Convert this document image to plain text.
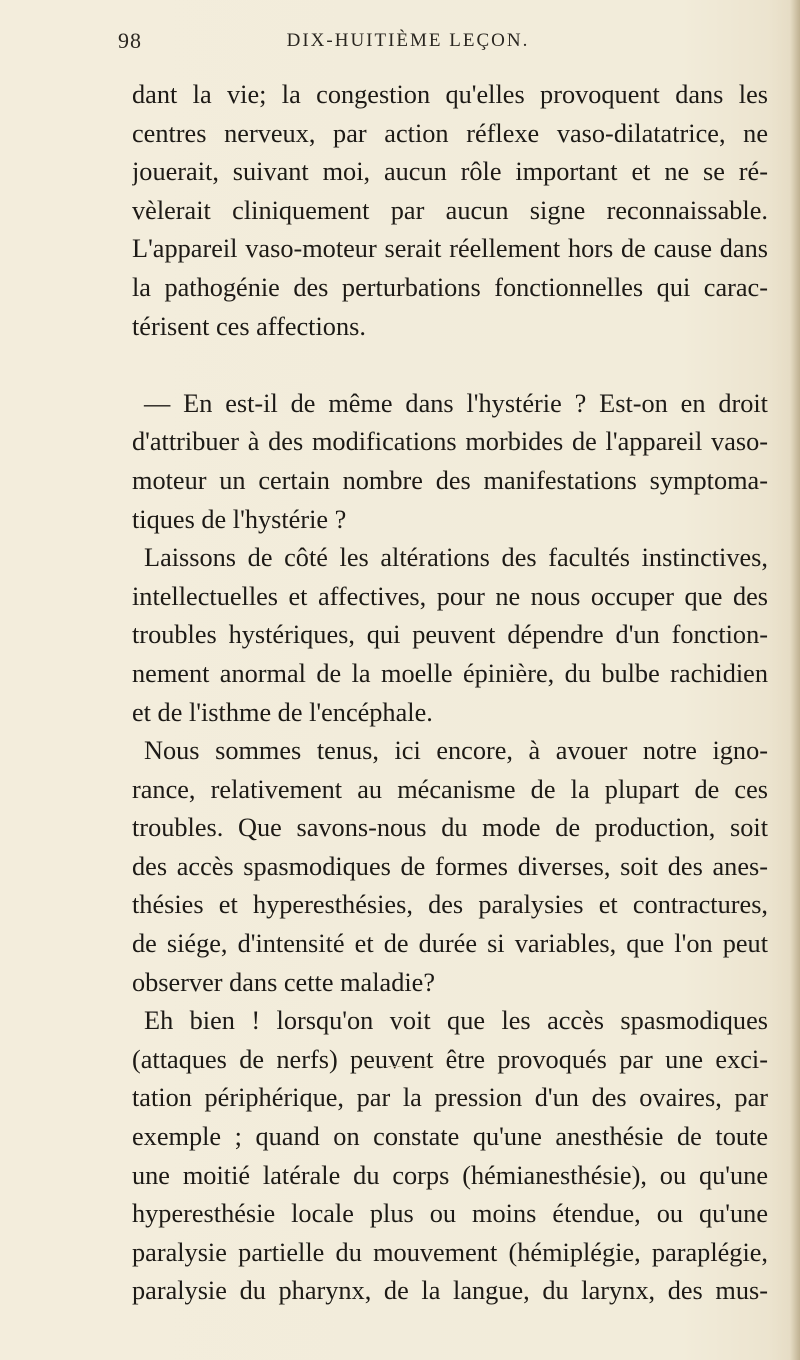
98	DIX-HUITIÈME LEÇON.
dant la vie; la congestion qu'elles provoquent dans les
centres nerveux, par action réflexe vaso-dilatatrice, ne
jouerait, suivant moi, aucun rôle important et ne se ré-
vèlerait cliniquement par aucun signe reconnaissable.
L'appareil vaso-moteur serait réellement hors de cause dans
la pathogénie des perturbations fonctionnelles qui carac-
térisent ces affections.
— En est-il de même dans l'hystérie ? Est-on en droit
d'attribuer à des modifications morbides de l'appareil vaso-
moteur un certain nombre des manifestations symptoma-
tiques de l'hystérie ?
Laissons de côté les altérations des facultés instinctives,
intellectuelles et affectives, pour ne nous occuper que des
troubles hystériques, qui peuvent dépendre d'un fonction-
nement anormal de la moelle épinière, du bulbe rachidien
et de l'isthme de l'encéphale.
Nous sommes tenus, ici encore, à avouer notre igno-
rance, relativement au mécanisme de la plupart de ces
troubles. Que savons-nous du mode de production, soit
des accès spasmodiques de formes diverses, soit des anes-
thésies et hyperesthésies, des paralysies et contractures,
de siége, d'intensité et de durée si variables, que l'on peut
observer dans cette maladie?
Eh bien ! lorsqu'on voit que les accès spasmodiques
(attaques de nerfs) peuvent être provoqués par une exci-
tation périphérique, par la pression d'un des ovaires, par
exemple ; quand on constate qu'une anesthésie de toute
une moitié latérale du corps (hémianesthésie), ou qu'une
hyperesthésie locale plus ou moins étendue, ou qu'une
paralysie partielle du mouvement (hémiplégie, paraplégie,
paralysie du pharynx, de la langue, du larynx, des mus-
